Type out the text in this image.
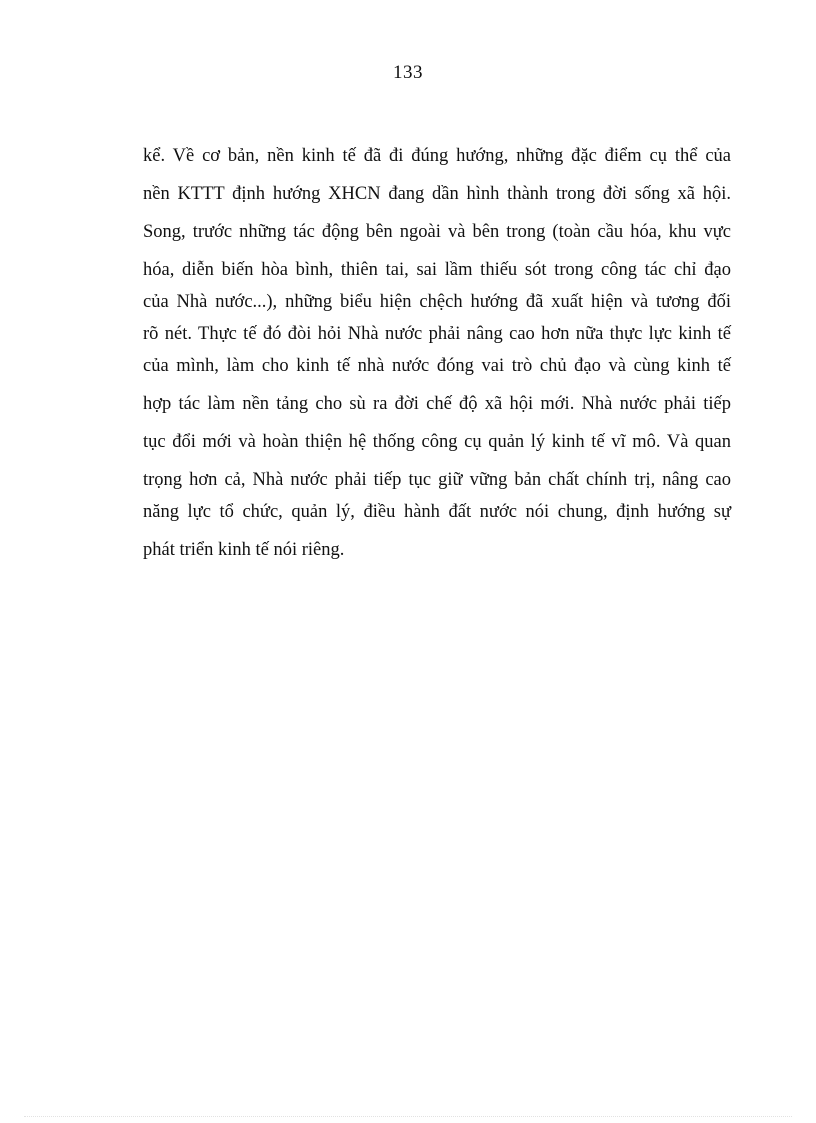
133
kể. Về cơ bản, nền kinh tế đã đi đúng hướng, những đặc điểm cụ thể của
nền KTTT định hướng XHCN đang dần hình thành trong đời sống xã hội.
Song, trước những tác động bên ngoài và bên trong (toàn cầu hóa, khu vực
hóa, diễn biến hòa bình, thiên tai, sai lầm thiếu sót trong công tác chỉ đạo
của Nhà nước...), những biểu hiện chệch hướng đã xuất hiện và tương đối
rõ nét. Thực tế đó đòi hỏi Nhà nước phải nâng cao hơn nữa thực lực kinh tế
của mình, làm cho kinh tế nhà nước đóng vai trò chủ đạo và cùng kinh tế
hợp tác làm nền tảng cho sù ra đời chế độ xã hội mới. Nhà nước phải tiếp
tục đổi mới và hoàn thiện hệ thống công cụ quản lý kinh tế vĩ mô. Và quan
trọng hơn cả, Nhà nước phải tiếp tục giữ vững bản chất chính trị, nâng cao
năng lực tổ chức, quản lý, điều hành đất nước nói chung, định hướng sự
phát triển kinh tế nói riêng.
